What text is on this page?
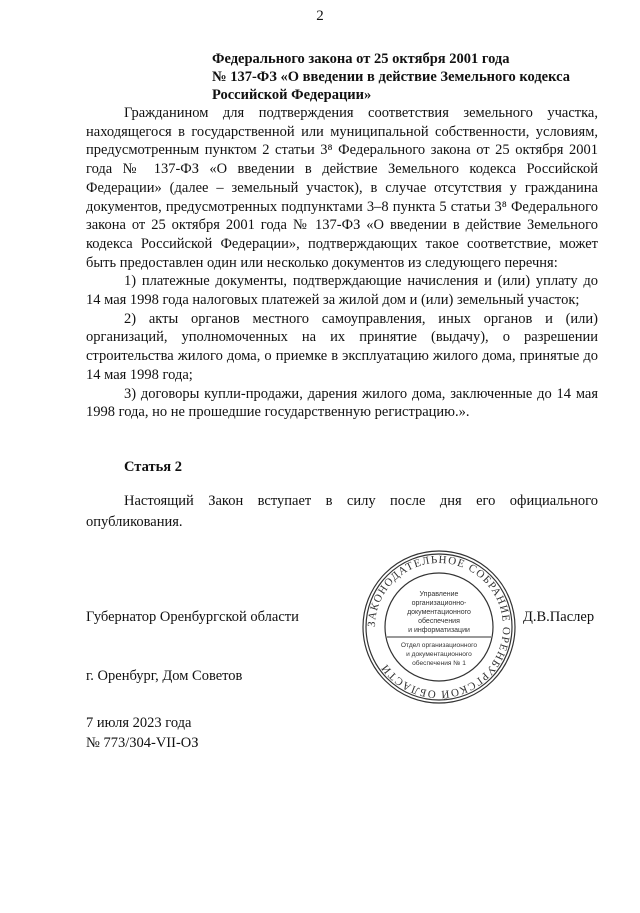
2
Федерального закона от 25 октября 2001 года
№ 137-ФЗ «О введении в действие Земельного кодекса
Российской Федерации»

Гражданином для подтверждения соответствия земельного участка, находящегося в государственной или муниципальной собственности, условиям, предусмотренным пунктом 2 статьи 3⁸ Федерального закона от 25 октября 2001 года № 137-ФЗ «О введении в действие Земельного кодекса Российской Федерации» (далее – земельный участок), в случае отсутствия у гражданина документов, предусмотренных подпунктами 3–8 пункта 5 статьи 3⁸ Федерального закона от 25 октября 2001 года № 137-ФЗ «О введении в действие Земельного кодекса Российской Федерации», подтверждающих такое соответствие, может быть предоставлен один или несколько документов из следующего перечня:

1) платежные документы, подтверждающие начисления и (или) уплату до 14 мая 1998 года налоговых платежей за жилой дом и (или) земельный участок;

2) акты органов местного самоуправления, иных органов и (или) организаций, уполномоченных на их принятие (выдачу), о разрешении строительства жилого дома, о приемке в эксплуатацию жилого дома, принятые до 14 мая 1998 года;

3) договоры купли-продажи, дарения жилого дома, заключенные до 14 мая 1998 года, но не прошедшие государственную регистрацию.».

Статья 2

Настоящий Закон вступает в силу после дня его официального опубликования.

ЗАКОНОДАТЕЛЬНОЕ СОБРАНИЕ ОРЕНБУРГСКОЙ ОБЛАСТИ
Управление
организационно-
документационного
обеспечения
и информатизации
Отдел организационного
и документационного
обеспечения № 1
Губернатор Оренбургской области	Д.В.Паслер
г. Оренбург, Дом Советов
7 июля 2023 года
№ 773/304-VII-ОЗ
